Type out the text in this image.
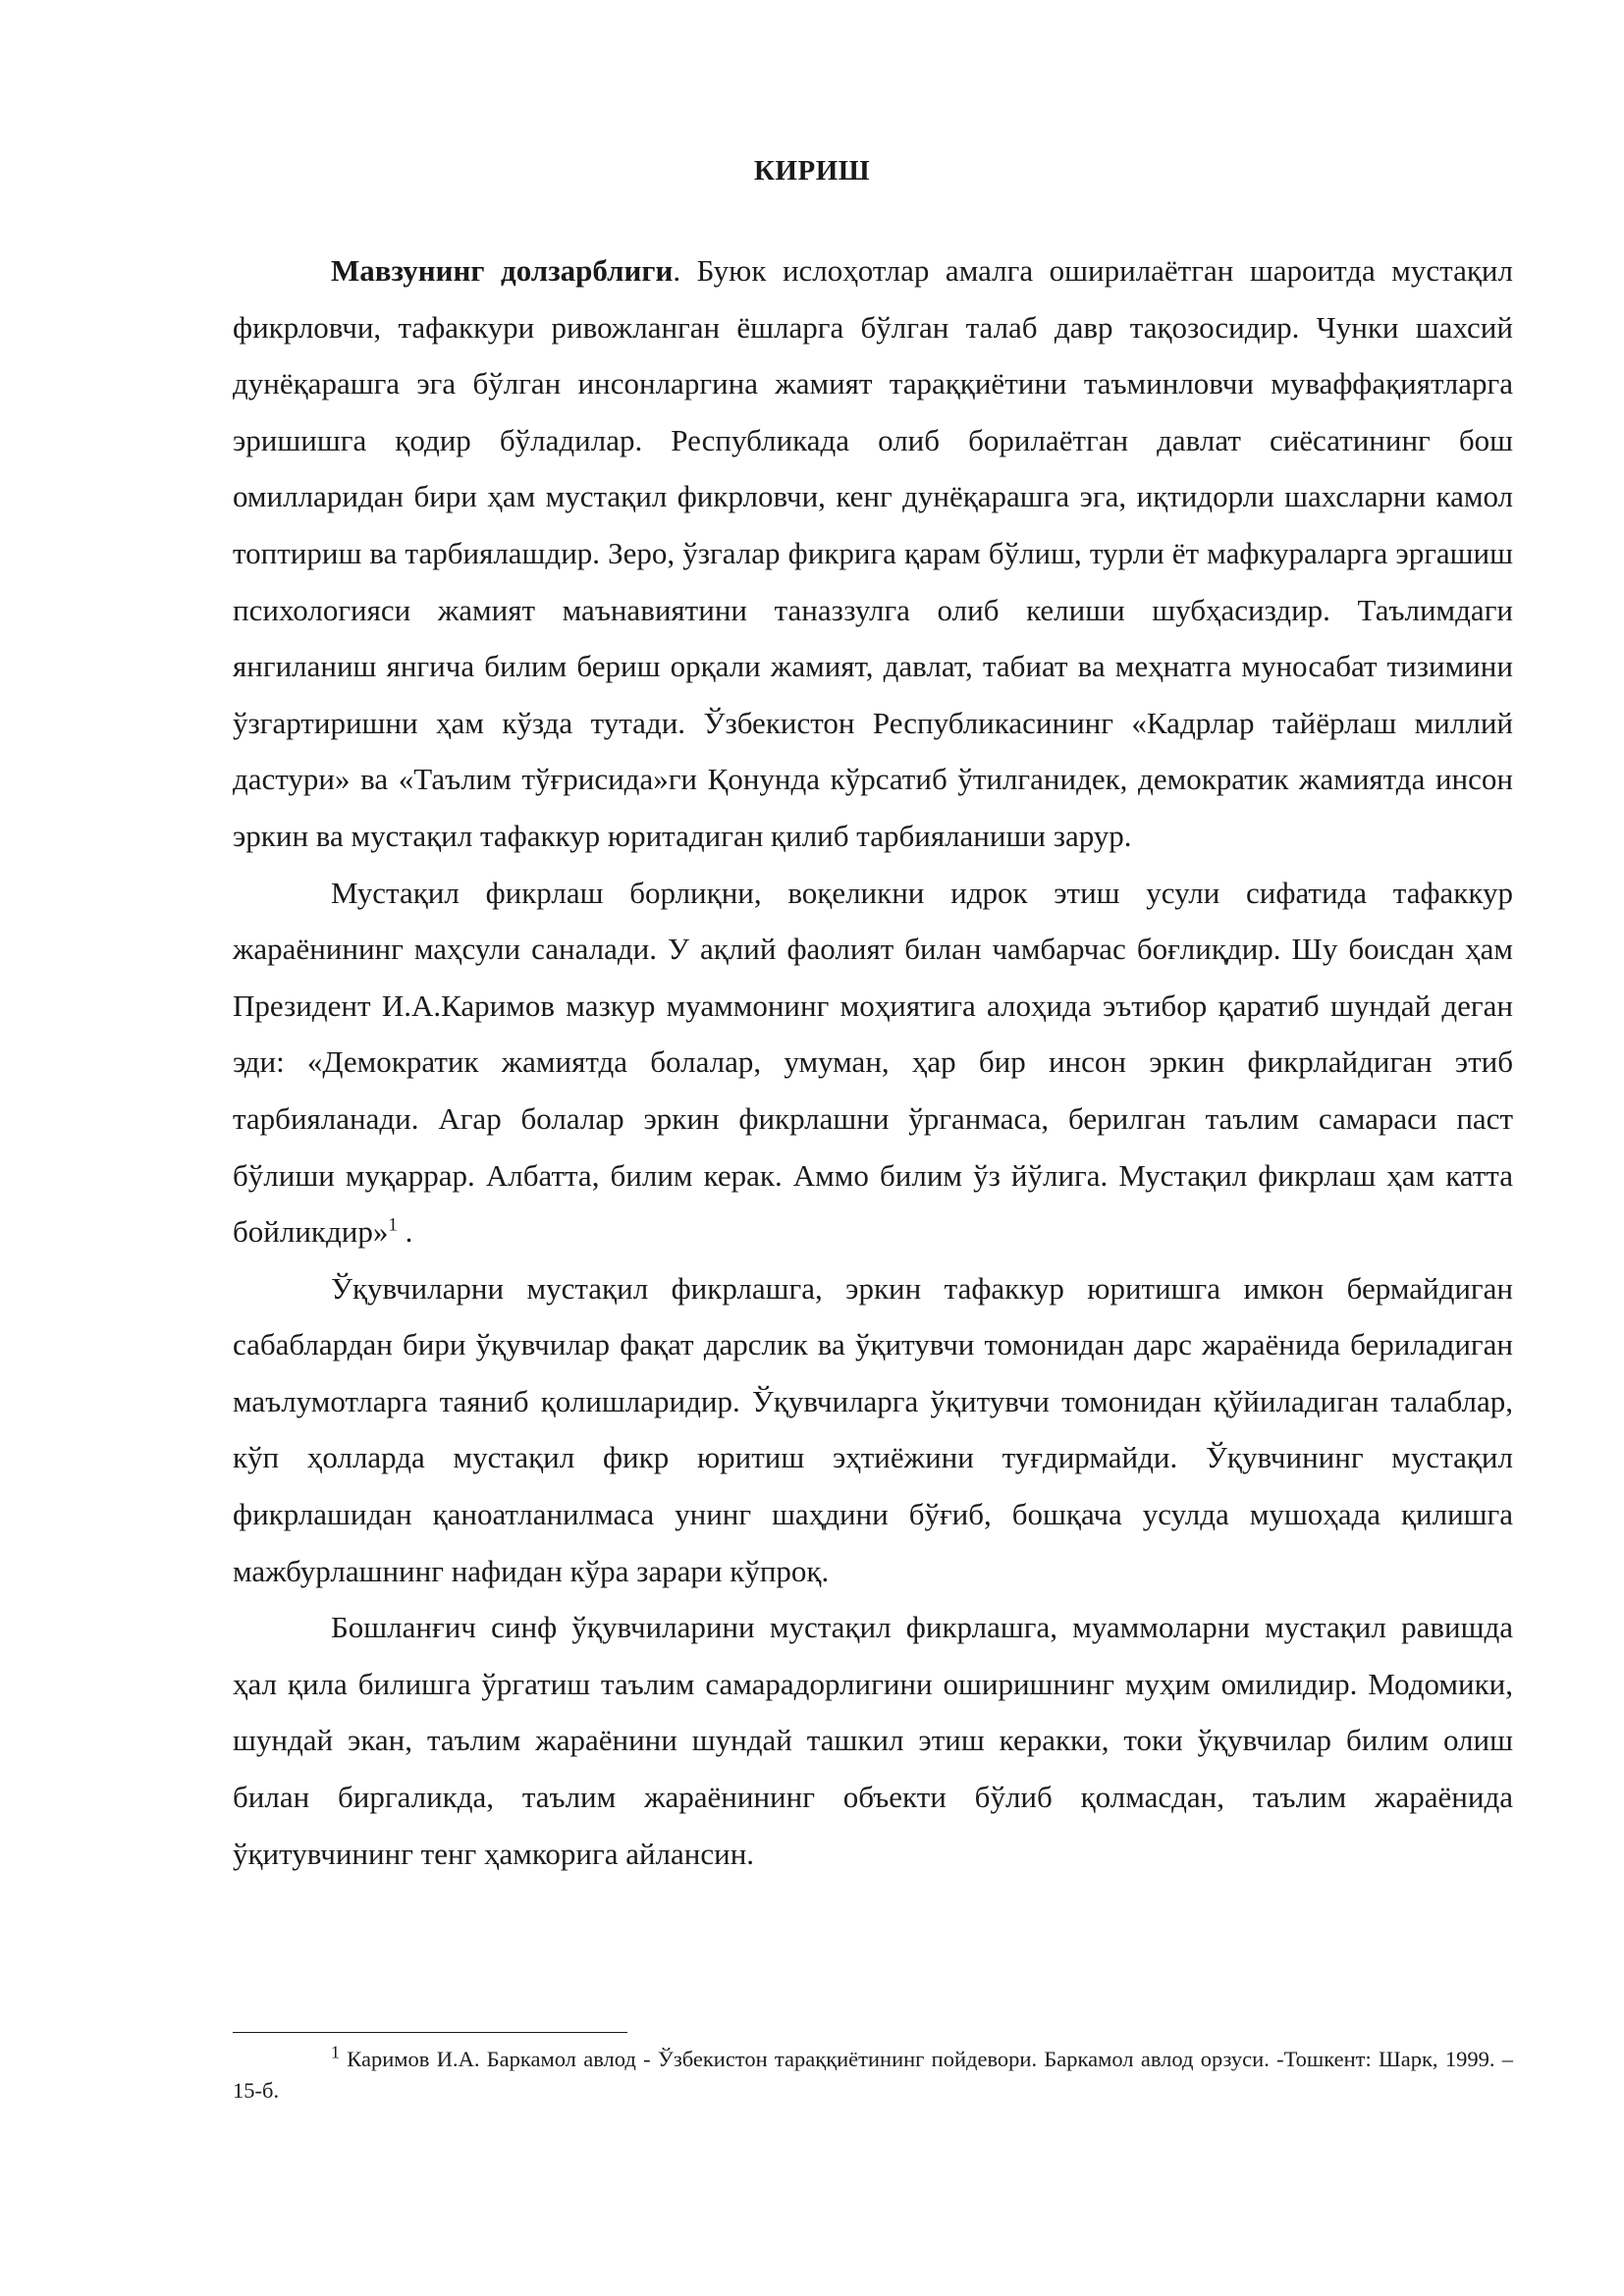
КИРИШ

Мавзунинг долзарблиги. Буюк ислоҳотлар амалга оширилаётган шароитда мустақил фикрловчи, тафаккури ривожланган ёшларга бўлган талаб давр тақозосидир. Чунки шахсий дунёқарашга эга бўлган инсонларгина жамият тараққиётини таъминловчи муваффақиятларга эришишга қодир бўладилар. Республикада олиб борилаётган давлат сиёсатининг бош омилларидан бири ҳам мустақил фикрловчи, кенг дунёқарашга эга, иқтидорли шахсларни камол топтириш ва тарбиялашдир. Зеро, ўзгалар фикрига қарам бўлиш, турли ёт мафкураларга эргашиш психологияси жамият маънавиятини таназзулга олиб келиши шубҳасиздир. Таълимдаги янгиланиш янгича билим бериш орқали жамият, давлат, табиат ва меҳнатга муносабат тизимини ўзгартиришни ҳам кўзда тутади. Ўзбекистон Республикасининг «Кадрлар тайёрлаш миллий дастури» ва «Таълим тўғрисида»ги Қонунда кўрсатиб ўтилганидек, демократик жамиятда инсон эркин ва мустақил тафаккур юритадиган қилиб тарбияланиши зарур.

Мустақил фикрлаш борлиқни, воқеликни идрок этиш усули сифатида тафаккур жараёнининг маҳсули саналади. У ақлий фаолият билан чамбарчас боғлиқдир. Шу боисдан ҳам Президент И.А.Каримов мазкур муаммонинг моҳиятига алоҳида эътибор қаратиб шундай деган эди: «Демократик жамиятда болалар, умуман, ҳар бир инсон эркин фикрлайдиган этиб тарбияланади. Агар болалар эркин фикрлашни ўрганмаса, берилган таълим самараси паст бўлиши муқаррар. Албатта, билим керак. Аммо билим ўз йўлига. Мустақил фикрлаш ҳам катта бойликдир»$^1$ .

Ўқувчиларни мустақил фикрлашга, эркин тафаккур юритишга имкон бермайдиган сабаблардан бири ўқувчилар фақат дарслик ва ўқитувчи томонидан дарс жараёнида бериладиган маълумотларга таяниб қолишларидир. Ўқувчиларга ўқитувчи томонидан қўйиладиган талаблар, кўп ҳолларда мустақил фикр юритиш эҳтиёжини туғдирмайди. Ўқувчининг мустақил фикрлашидан қаноатланилмаса унинг шаҳдини бўғиб, бошқача усулда мушоҳада қилишга мажбурлашнинг нафидан кўра зарари кўпроқ.

Бошланғич синф ўқувчиларини мустақил фикрлашга, муаммоларни мустақил равишда ҳал қила билишга ўргатиш таълим самарадорлигини оширишнинг муҳим омилидир. Модомики, шундай экан, таълим жараёнини шундай ташкил этиш керакки, токи ўқувчилар билим олиш билан биргаликда, таълим жараёнининг объекти бўлиб қолмасдан, таълим жараёнида ўқитувчининг тенг ҳамкорига айлансин.

$^1$ Каримов И.А. Баркамол авлод - Ўзбекистон тараққиётининг пойдевори. Баркамол авлод орзуси. -Тошкент: Шарк, 1999. – 15-б.
